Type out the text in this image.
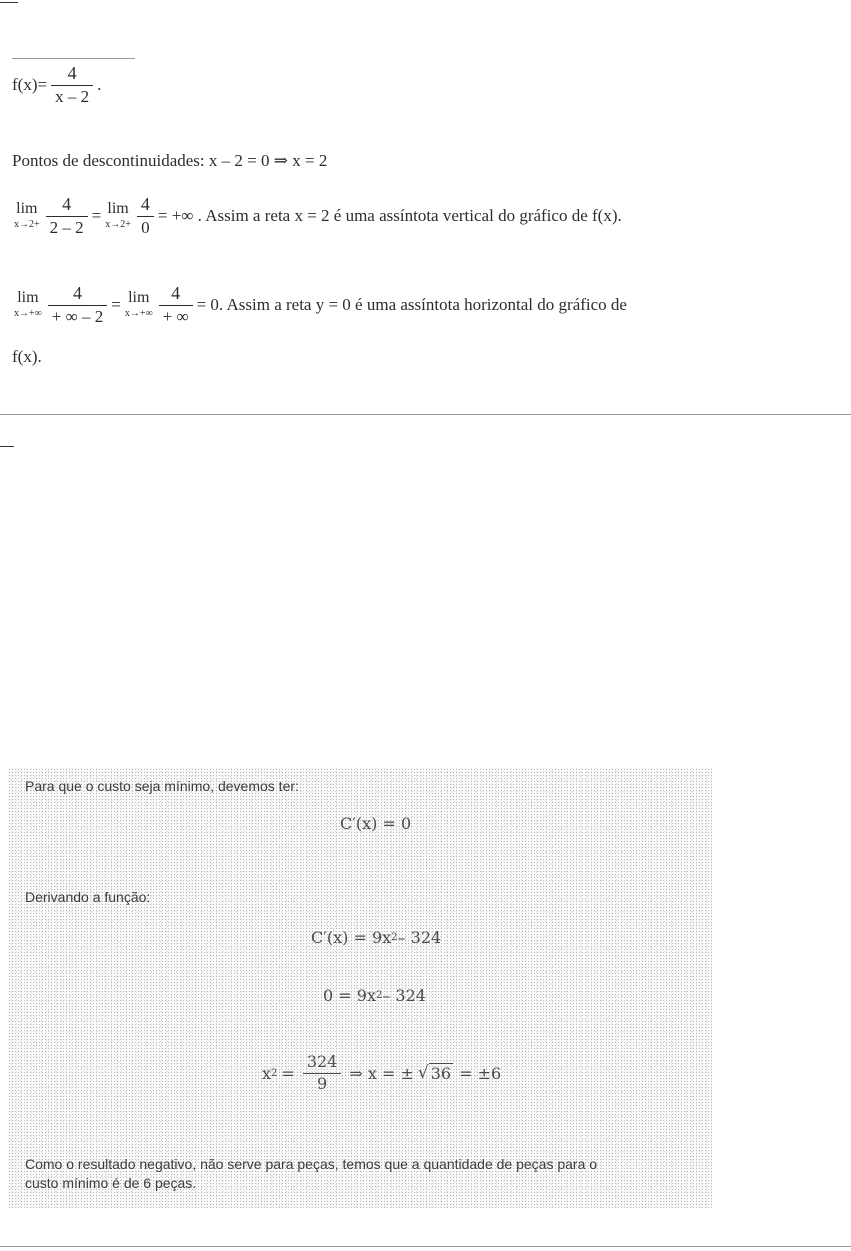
$f(x)= \frac{4}{x - 2}$ .
Pontos de descontinuidades: x – 2 = 0 ⇒ x = 2
lim
$x\to 2+ \frac{4}{2 - 2} = \lim$
$x\to 2+ \frac{4}{0}$ = +∞ . Assim a reta x = 2 é uma assíntota vertical do gráfico de f(x).
lim
$x\to+\infty \frac{4}{+ \infty - 2} = \lim$
$x\to+\infty \frac{4}{+ \infty} = 0$. Assim a reta y = 0 é uma assíntota horizontal do gráfico de
f(x).
Para que o custo seja mínimo, devemos ter:
C′(x) = 0
Derivando a função:
C′(x) = 9x 2 – 324
0 = 9x 2 – 324
x $2 = \frac{324}{9}$ ⇒ x = ± √ 36 = ±6
Como o resultado negativo, não serve para peças, temos que a quantidade de peças para o
custo mínimo é de 6 peças.
